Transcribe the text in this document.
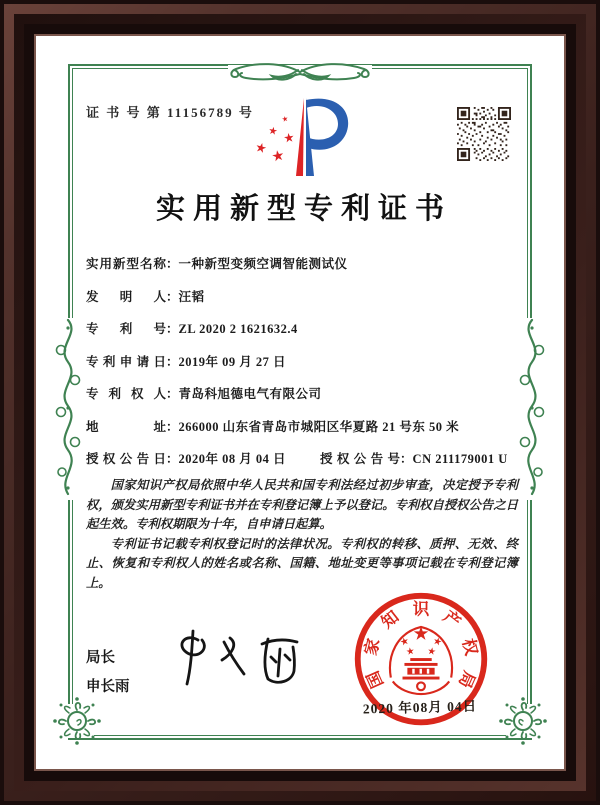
证 书 号 第 11156789 号
实用新型专利证书
实用新型名称：一种新型变频空调智能测试仪
发明人：汪韬
专利号：ZL 2020 2 1621632.4
专利申请日：2019年 09 月 27 日
专利权人：青岛科旭德电气有限公司
地址：266000 山东省青岛市城阳区华夏路 21 号东 50 米
授权公告日：2020年 08 月 04 日	授权公告号：CN 211179001 U

国家知识产权局依照中华人民共和国专利法经过初步审查，决定授予专利权，颁发实用新型专利证书并在专利登记簿上予以登记。专利权自授权公告之日起生效。专利权期限为十年，自申请日起算。

专利证书记载专利权登记时的法律状况。专利权的转移、质押、无效、终止、恢复和专利权人的姓名或名称、国籍、地址变更等事项记载在专利登记簿上。

局长
申长雨	国
家
知 识 产
权
局
2020 年08月 04日
